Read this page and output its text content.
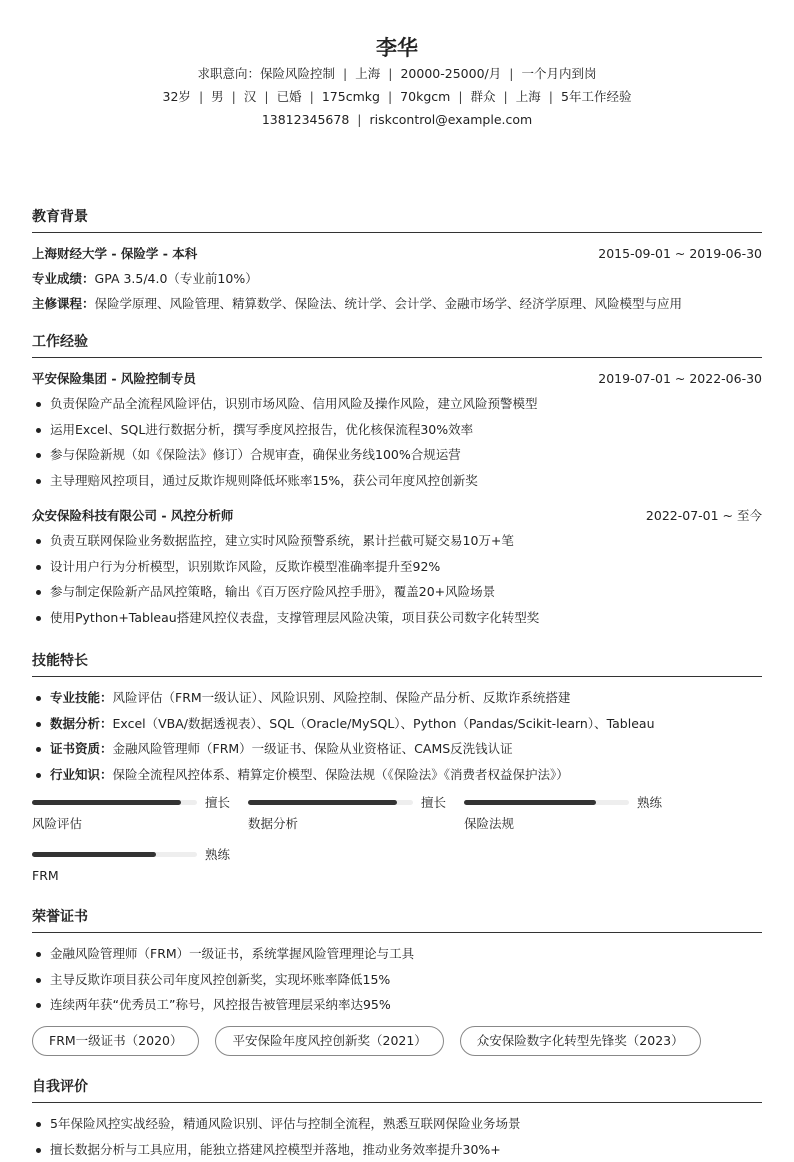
李华
求职意向：保险风险控制 | 上海 | 20000-25000/月 | 一个月内到岗
32岁 | 男 | 汉 | 已婚 | 175cmkg | 70kgcm | 群众 | 上海 | 5年工作经验
13812345678 | riskcontrol@example.com
教育背景
上海财经大学 - 保险学 - 本科	2015-09-01 ~ 2019-06-30
专业成绩：GPA 3.5/4.0（专业前10%）
主修课程：保险学原理、风险管理、精算数学、保险法、统计学、会计学、金融市场学、经济学原理、风险模型与应用
工作经验
平安保险集团 - 风险控制专员	2019-07-01 ~ 2022-06-30
负责保险产品全流程风险评估，识别市场风险、信用风险及操作风险，建立风险预警模型
运用Excel、SQL进行数据分析，撰写季度风控报告，优化核保流程30%效率
参与保险新规（如《保险法》修订）合规审查，确保业务线100%合规运营
主导理赔风控项目，通过反欺诈规则降低坏账率15%，获公司年度风控创新奖
众安保险科技有限公司 - 风控分析师	2022-07-01 ~ 至今
负责互联网保险业务数据监控，建立实时风险预警系统，累计拦截可疑交易10万+笔
设计用户行为分析模型，识别欺诈风险，反欺诈模型准确率提升至92%
参与制定保险新产品风控策略，输出《百万医疗险风控手册》，覆盖20+风险场景
使用Python+Tableau搭建风控仪表盘，支撑管理层风险决策，项目获公司数字化转型奖
技能特长
专业技能：风险评估（FRM一级认证）、风险识别、风险控制、保险产品分析、反欺诈系统搭建
数据分析：Excel（VBA/数据透视表）、SQL（Oracle/MySQL）、Python（Pandas/Scikit-learn）、Tableau
证书资质：金融风险管理师（FRM）一级证书、保险从业资格证、CAMS反洗钱认证
行业知识：保险全流程风控体系、精算定价模型、保险法规（《保险法》《消费者权益保护法》）
擅长
风险评估
擅长
数据分析
熟练
保险法规
熟练
FRM
荣誉证书
金融风险管理师（FRM）一级证书，系统掌握风险管理理论与工具
主导反欺诈项目获公司年度风控创新奖，实现坏账率降低15%
连续两年获“优秀员工”称号，风控报告被管理层采纳率达95%
FRM一级证书（2020）	平安保险年度风控创新奖（2021）	众安保险数字化转型先锋奖（2023）
自我评价
5年保险风控实战经验，精通风险识别、评估与控制全流程，熟悉互联网保险业务场景
擅长数据分析与工具应用，能独立搭建风控模型并落地，推动业务效率提升30%+
